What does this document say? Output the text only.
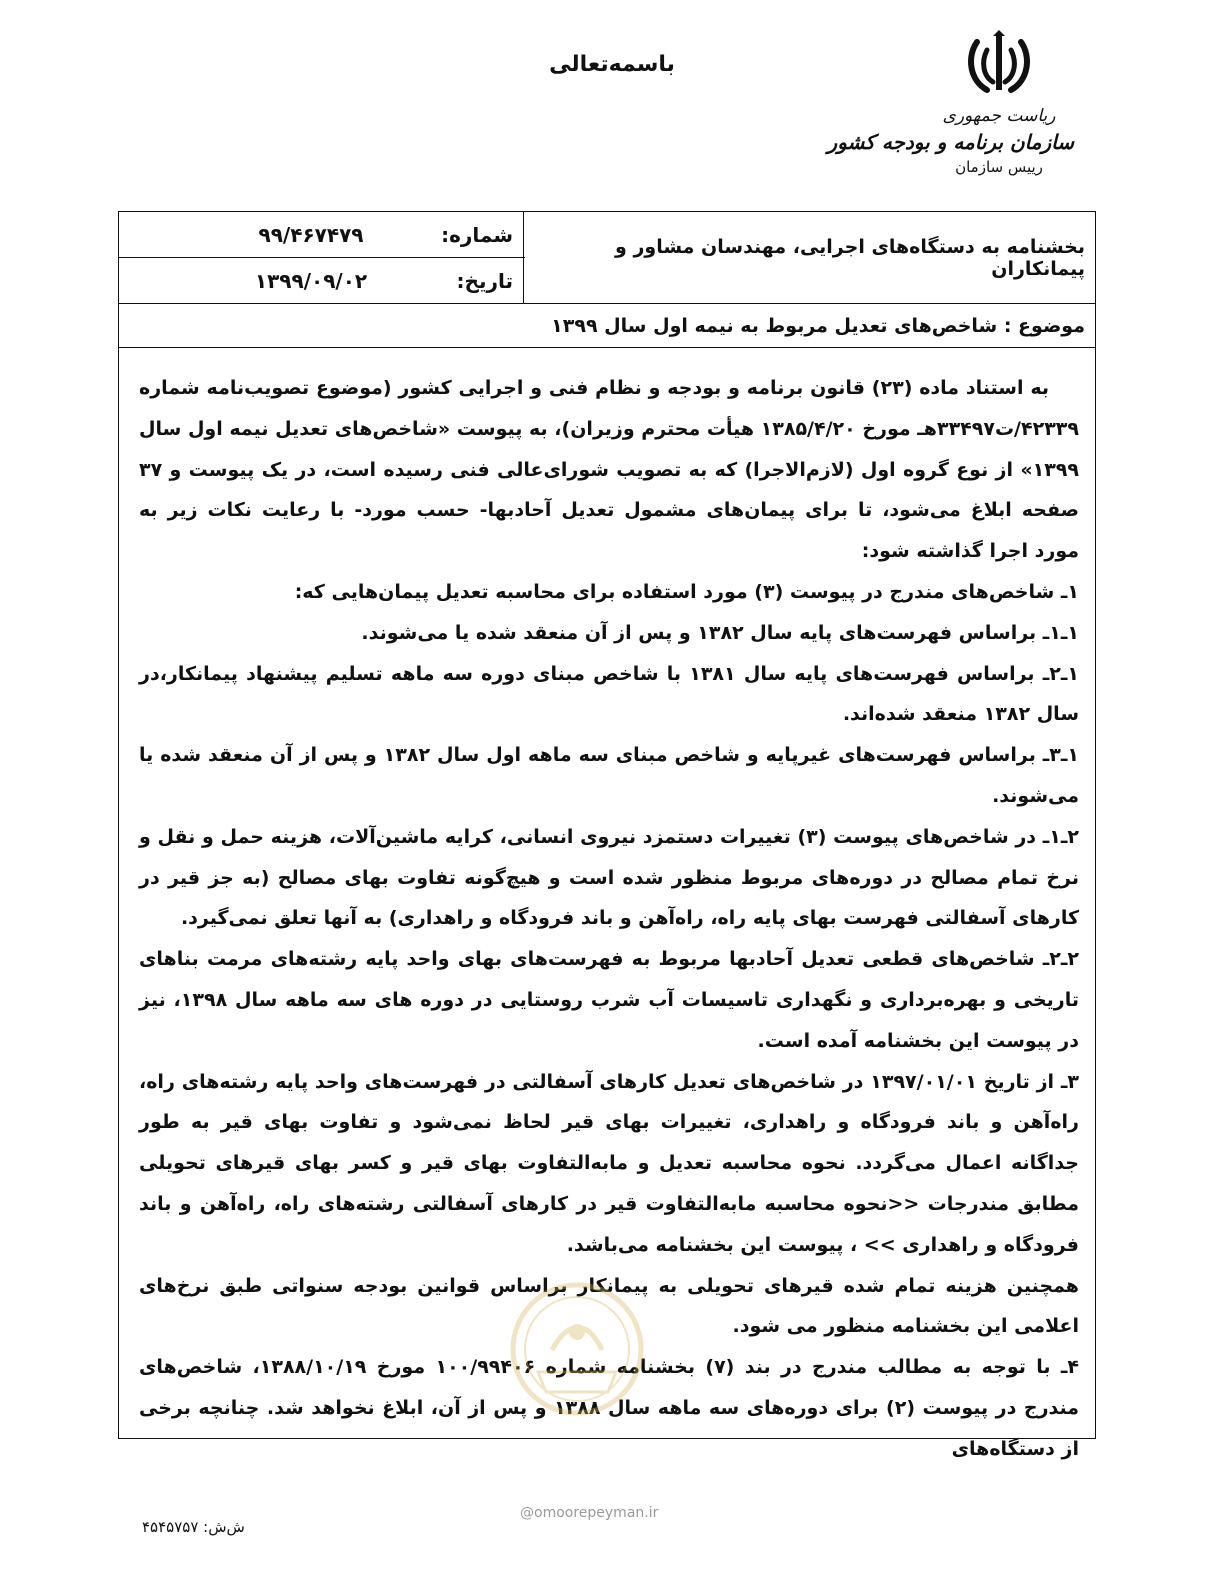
باسمه‌تعالی
ریاست جمهوری
سازمان برنامه و بودجه کشور
رییس سازمان
بخشنامه به دستگاه‌های اجرایی، مهندسان مشاور و پیمانکاران
شماره:
۹۹/۴۶۷۴۷۹
تاریخ:
۱۳۹۹/۰۹/۰۲
موضوع : شاخص‌های تعدیل مربوط به نیمه اول سال ۱۳۹۹

به استناد ماده (۲۳) قانون برنامه و بودجه و نظام فنی و اجرایی کشور (موضوع تصویب‌نامه شماره ۴۲۳۳۹/ت۳۳۴۹۷هـ مورخ ۱۳۸۵/۴/۲۰ هیأت محترم وزیران)، به پیوست «شاخص‌های تعدیل نیمه اول سال ۱۳۹۹» از نوع گروه اول (لازم‌الاجرا) که به تصویب شورای‌عالی فنی رسیده است، در یک پیوست و ۳۷ صفحه ابلاغ می‌شود، تا برای پیمان‌های مشمول تعدیل آحادبها- حسب مورد- با رعایت نکات زیر به مورد اجرا گذاشته شود:

۱ـ شاخص‌های مندرج در پیوست (۳) مورد استفاده برای محاسبه تعدیل پیمان‌هایی که:

۱ـ۱ـ براساس فهرست‌های پایه سال ۱۳۸۲ و پس از آن منعقد شده یا می‌شوند.

۱ـ۲ـ براساس فهرست‌های پایه سال ۱۳۸۱ با شاخص مبنای دوره سه ماهه تسلیم پیشنهاد پیمانکار،در سال ۱۳۸۲ منعقد شده‌اند.

۱ـ۳ـ براساس فهرست‌های غیرپایه و شاخص مبنای سه ماهه اول سال ۱۳۸۲ و پس از آن منعقد شده یا می‌شوند.

۲ـ۱ـ در شاخص‌های پیوست (۳) تغییرات دستمزد نیروی انسانی، کرایه ماشین‌آلات، هزینه حمل و نقل و نرخ تمام مصالح در دوره‌های مربوط منظور شده است و هیچ‌گونه تفاوت بهای مصالح (به جز قیر در کارهای آسفالتی فهرست بهای پایه راه، راه‌آهن و باند فرودگاه و راهداری) به آنها تعلق نمی‌گیرد.

۲ـ۲ـ شاخص‌های قطعی تعدیل آحادبها مربوط به فهرست‌های بهای واحد پایه رشته‌های مرمت بناهای تاریخی و بهره‌برداری و نگهداری تاسیسات آب شرب روستایی در دوره های سه ماهه سال ۱۳۹۸، نیز در پیوست این بخشنامه آمده است.

۳ـ از تاریخ ۱۳۹۷/۰۱/۰۱ در شاخص‌های تعدیل کارهای آسفالتی در فهرست‌های واحد پایه رشته‌های راه، راه‌آهن و باند فرودگاه و راهداری، تغییرات بهای قیر لحاظ نمی‌شود و تفاوت بهای قیر به طور جداگانه اعمال می‌گردد. نحوه محاسبه تعدیل و مابه‌التفاوت بهای قیر و کسر بهای قیرهای تحویلی مطابق مندرجات <<نحوه محاسبه مابه‌التفاوت قیر در کارهای آسفالتی رشته‌های راه، راه‌آهن و باند فرودگاه و راهداری >> ، پیوست این بخشنامه می‌باشد.

همچنین هزینه تمام شده قیرهای تحویلی به پیمانکار براساس قوانین بودجه سنواتی طبق نرخ‌های اعلامی این بخشنامه منظور می شود.

۴ـ با توجه به مطالب مندرج در بند (۷) بخشنامه شماره ۱۰۰/۹۹۴۰۶ مورخ ۱۳۸۸/۱۰/۱۹، شاخص‌های مندرج در پیوست (۲) برای دوره‌های سه ماهه سال ۱۳۸۸ و پس از آن، ابلاغ نخواهد شد. چنانچه برخی از دستگاه‌های

@omoorepeyman.ir
ش‌ش: ۴۵۴۵۷۵۷
